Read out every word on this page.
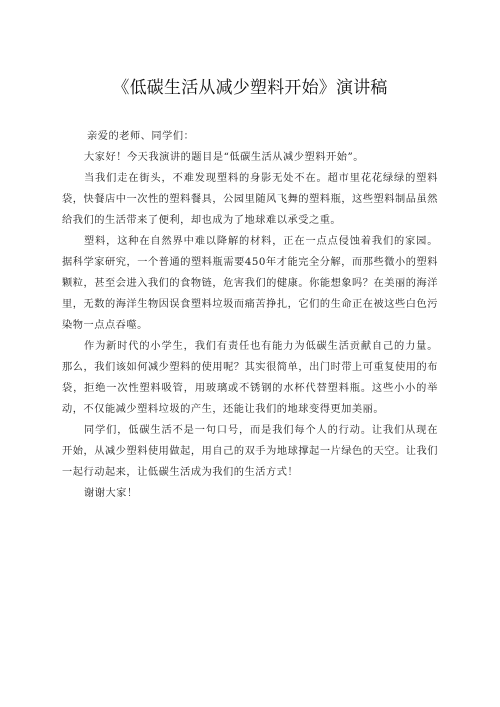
《低碳生活从减少塑料开始》演讲稿

亲爱的老师、同学们：

大家好！今天我演讲的题目是“低碳生活从减少塑料开始”。

当我们走在街头，不难发现塑料的身影无处不在。超市里花花绿绿的塑料袋，快餐店中一次性的塑料餐具，公园里随风飞舞的塑料瓶，这些塑料制品虽然给我们的生活带来了便利，却也成为了地球难以承受之重。

塑料，这种在自然界中难以降解的材料，正在一点点侵蚀着我们的家园。据科学家研究，一个普通的塑料瓶需要450年才能完全分解，而那些微小的塑料颗粒，甚至会进入我们的食物链，危害我们的健康。你能想象吗？在美丽的海洋里，无数的海洋生物因误食塑料垃圾而痛苦挣扎，它们的生命正在被这些白色污染物一点点吞噬。

作为新时代的小学生，我们有责任也有能力为低碳生活贡献自己的力量。那么，我们该如何减少塑料的使用呢？其实很简单，出门时带上可重复使用的布袋，拒绝一次性塑料吸管，用玻璃或不锈钢的水杯代替塑料瓶。这些小小的举动，不仅能减少塑料垃圾的产生，还能让我们的地球变得更加美丽。

同学们，低碳生活不是一句口号，而是我们每个人的行动。让我们从现在开始，从减少塑料使用做起，用自己的双手为地球撑起一片绿色的天空。让我们一起行动起来，让低碳生活成为我们的生活方式！

谢谢大家！
